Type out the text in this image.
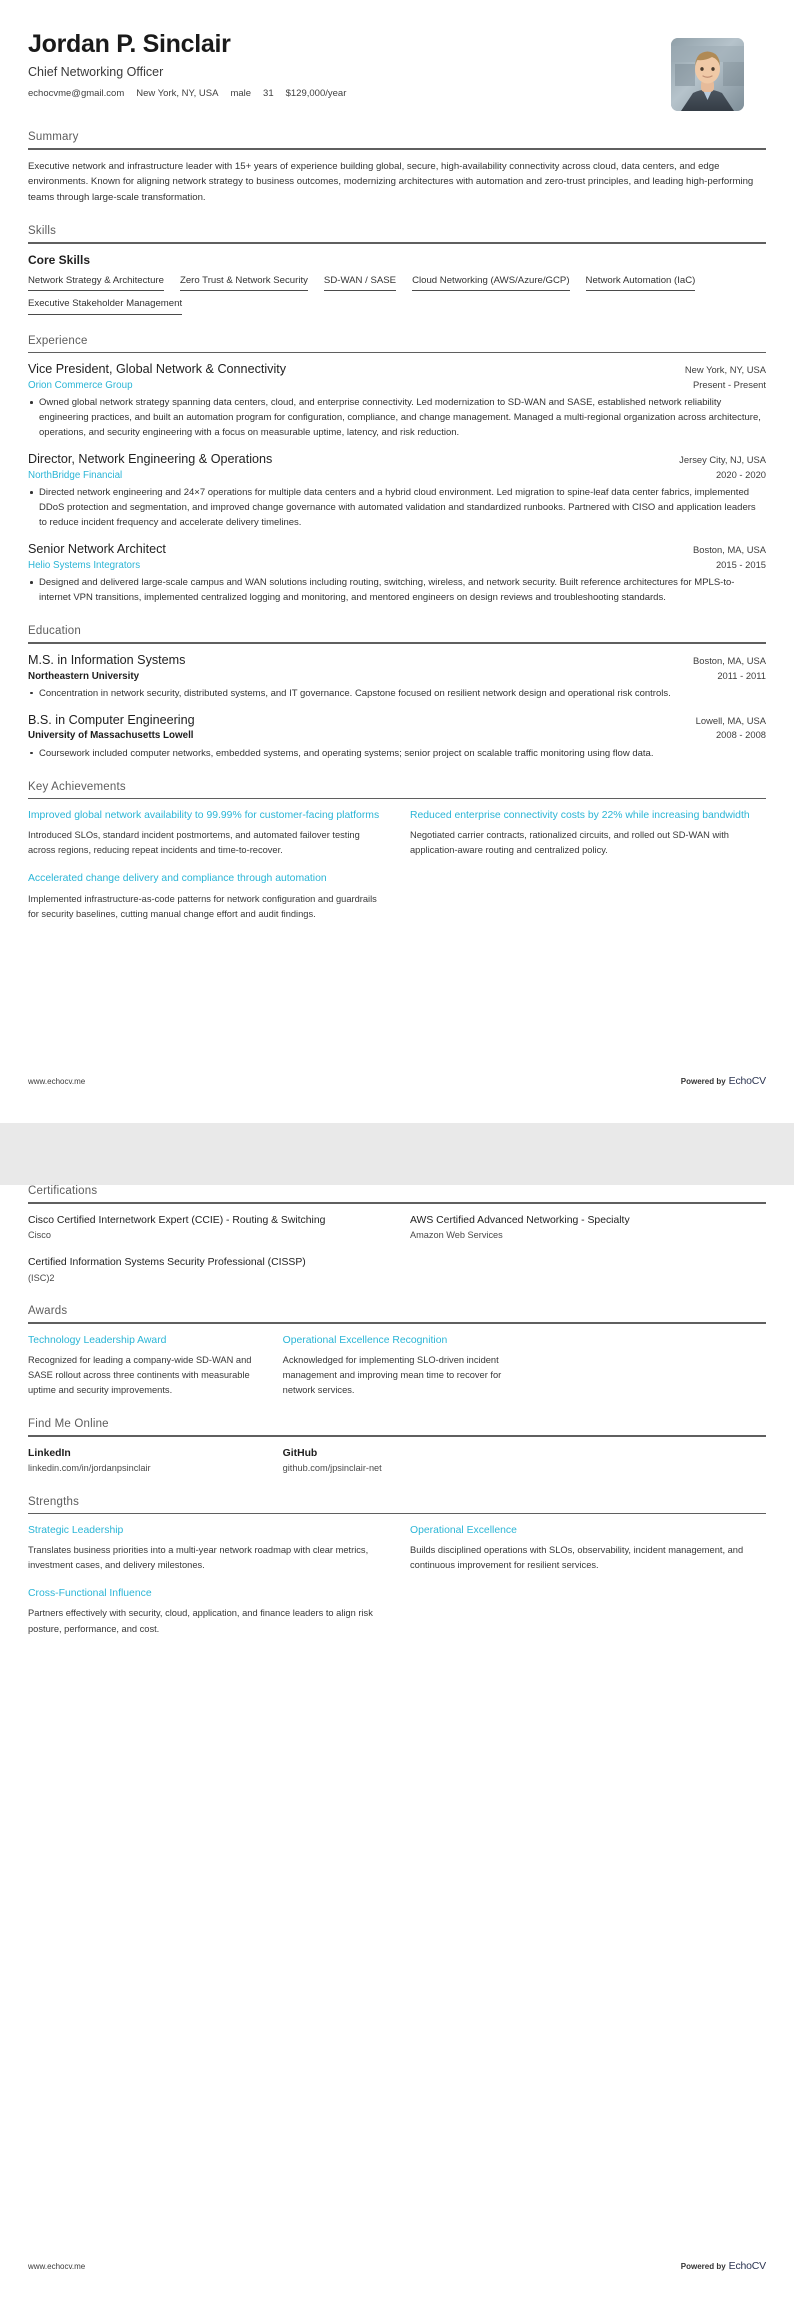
Jordan P. Sinclair
Chief Networking Officer
echocvme@gmail.com New York, NY, USA male 31 $129,000/year
Summary
Executive network and infrastructure leader with 15+ years of experience building global, secure, high-availability connectivity across cloud, data centers, and edge environments. Known for aligning network strategy to business outcomes, modernizing architectures with automation and zero-trust principles, and leading high-performing teams through large-scale transformation.
Skills
Core Skills
Network Strategy & Architecture Zero Trust & Network Security SD-WAN / SASE Cloud Networking (AWS/Azure/GCP) Network Automation (IaC)
Executive Stakeholder Management
Experience
Vice President, Global Network & Connectivity	New York, NY, USA
Orion Commerce Group	Present - Present
Owned global network strategy spanning data centers, cloud, and enterprise connectivity. Led modernization to SD-WAN and SASE, established network reliability engineering practices, and built an automation program for configuration, compliance, and change management. Managed a multi-regional organization across architecture, operations, and security engineering with a focus on measurable uptime, latency, and risk reduction.
Director, Network Engineering & Operations	Jersey City, NJ, USA
NorthBridge Financial	2020 - 2020
Directed network engineering and 24×7 operations for multiple data centers and a hybrid cloud environment. Led migration to spine-leaf data center fabrics, implemented DDoS protection and segmentation, and improved change governance with automated validation and standardized runbooks. Partnered with CISO and application leaders to reduce incident frequency and accelerate delivery timelines.
Senior Network Architect	Boston, MA, USA
Helio Systems Integrators	2015 - 2015
Designed and delivered large-scale campus and WAN solutions including routing, switching, wireless, and network security. Built reference architectures for MPLS-to-internet VPN transitions, implemented centralized logging and monitoring, and mentored engineers on design reviews and troubleshooting standards.
Education
M.S. in Information Systems	Boston, MA, USA
Northeastern University	2011 - 2011
Concentration in network security, distributed systems, and IT governance. Capstone focused on resilient network design and operational risk controls.
B.S. in Computer Engineering	Lowell, MA, USA
University of Massachusetts Lowell	2008 - 2008
Coursework included computer networks, embedded systems, and operating systems; senior project on scalable traffic monitoring using flow data.
Key Achievements
Improved global network availability to 99.99% for customer-facing platforms
Introduced SLOs, standard incident postmortems, and automated failover testing across regions, reducing repeat incidents and time-to-recover.
Reduced enterprise connectivity costs by 22% while increasing bandwidth
Negotiated carrier contracts, rationalized circuits, and rolled out SD-WAN with application-aware routing and centralized policy.
Accelerated change delivery and compliance through automation
Implemented infrastructure-as-code patterns for network configuration and guardrails for security baselines, cutting manual change effort and audit findings.
www.echocv.me	Powered by EchoCV
Certifications
Cisco Certified Internetwork Expert (CCIE) - Routing & Switching
Cisco
AWS Certified Advanced Networking - Specialty
Amazon Web Services
Certified Information Systems Security Professional (CISSP)
(ISC)2
Awards
Technology Leadership Award
Recognized for leading a company-wide SD-WAN and SASE rollout across three continents with measurable uptime and security improvements.
Operational Excellence Recognition
Acknowledged for implementing SLO-driven incident management and improving mean time to recover for network services.
Find Me Online
LinkedIn
linkedin.com/in/jordanpsinclair
GitHub
github.com/jpsinclair-net
Strengths
Strategic Leadership
Translates business priorities into a multi-year network roadmap with clear metrics, investment cases, and delivery milestones.
Operational Excellence
Builds disciplined operations with SLOs, observability, incident management, and continuous improvement for resilient services.
Cross-Functional Influence
Partners effectively with security, cloud, application, and finance leaders to align risk posture, performance, and cost.
www.echocv.me	Powered by EchoCV
